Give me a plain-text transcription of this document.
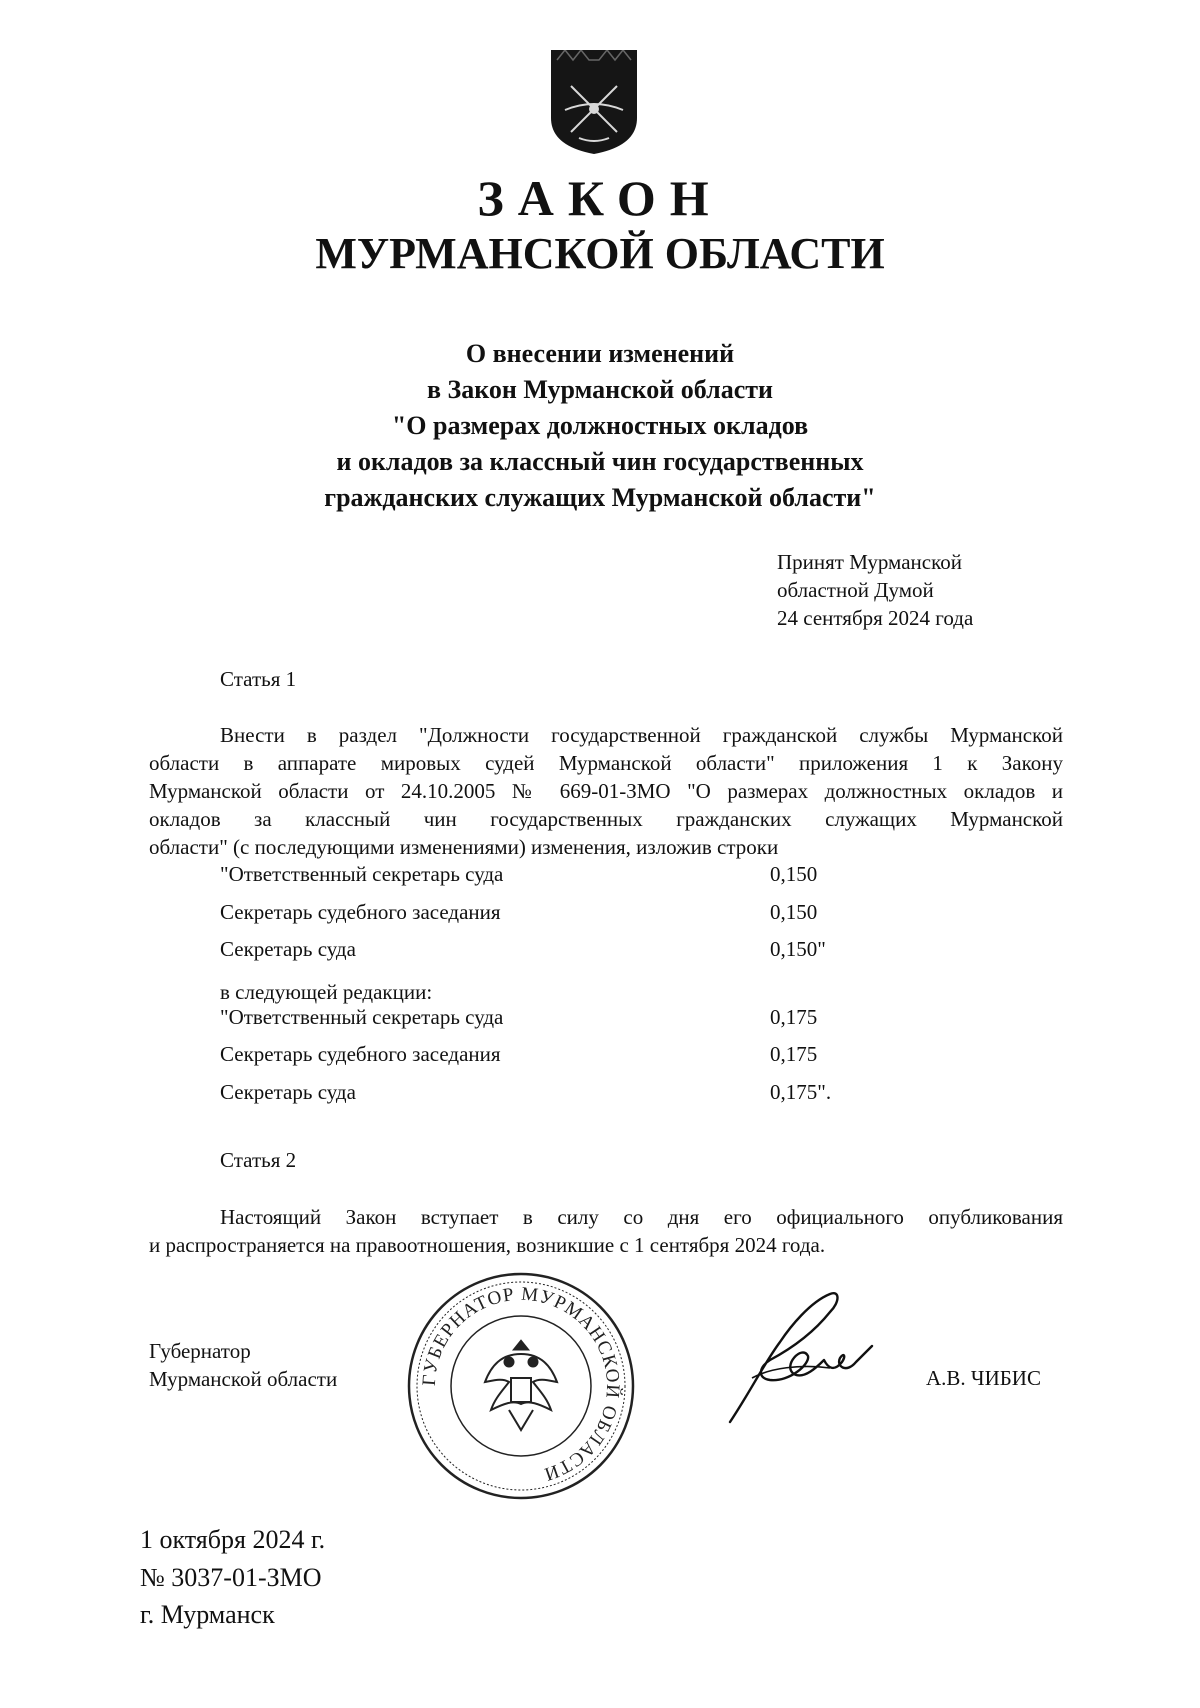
ЗАКОН
МУРМАНСКОЙ ОБЛАСТИ
О внесении изменений
в Закон Мурманской области
"О размерах должностных окладов
и окладов за классный чин государственных
гражданских служащих Мурманской области"
Принят Мурманской
областной Думой
24 сентября 2024 года
Статья 1
Внести в раздел "Должности государственной гражданской службы Мурманской
области в аппарате мировых судей Мурманской области" приложения 1 к Закону
Мурманской области от 24.10.2005 № 669-01-ЗМО "О размерах должностных окладов и
окладов за классный чин государственных гражданских служащих Мурманской
области" (с последующими изменениями) изменения, изложив строки
"Ответственный секретарь суда	0,150
Секретарь судебного заседания	0,150
Секретарь суда	0,150"
в следующей редакции:
"Ответственный секретарь суда	0,175
Секретарь судебного заседания	0,175
Секретарь суда	0,175".
Статья 2
Настоящий Закон вступает в силу со дня его официального опубликования
и распространяется на правоотношения, возникшие с 1 сентября 2024 года.
Губернатор
Мурманской области	ГУБЕРНАТОР МУРМАНСКОЙ ОБЛАСТИ
А.В. ЧИБИС
1 октября 2024 г.
№ 3037-01-ЗМО
г. Мурманск
